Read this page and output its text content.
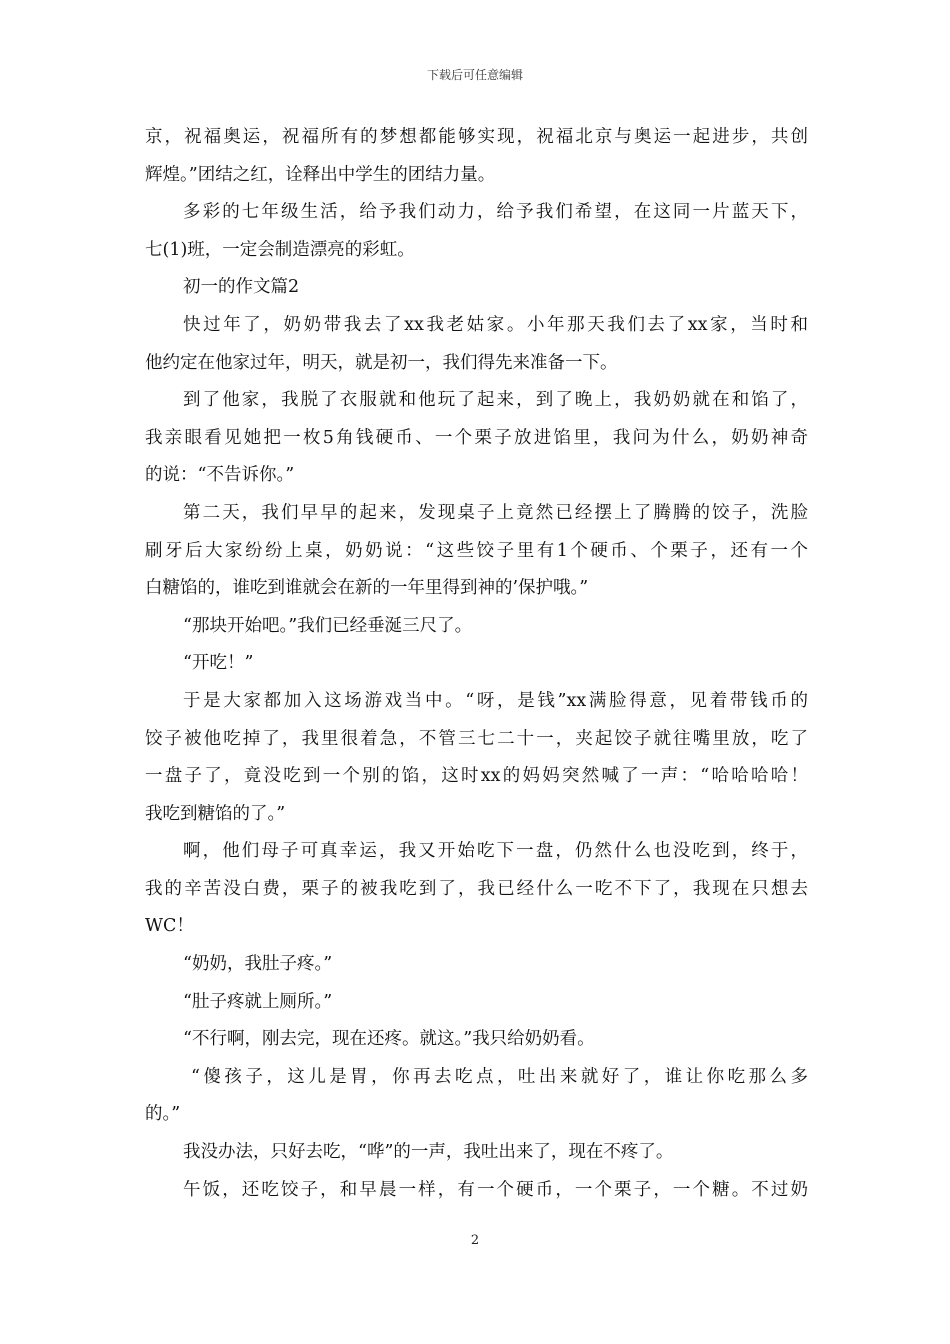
下载后可任意编辑
京，祝福奥运，祝福所有的梦想都能够实现，祝福北京与奥运一起进步，共创
辉煌。”团结之红，诠释出中学生的团结力量。
多彩的七年级生活，给予我们动力，给予我们希望，在这同一片蓝天下，
七(1)班，一定会制造漂亮的彩虹。
初一的作文篇2
快过年了，奶奶带我去了xx我老姑家。小年那天我们去了xx家，当时和
他约定在他家过年，明天，就是初一，我们得先来准备一下。
到了他家，我脱了衣服就和他玩了起来，到了晚上，我奶奶就在和馅了，
我亲眼看见她把一枚5角钱硬币、一个栗子放进馅里，我问为什么，奶奶神奇
的说：“不告诉你。”
第二天，我们早早的起来，发现桌子上竟然已经摆上了腾腾的饺子，洗脸
刷牙后大家纷纷上桌，奶奶说：“这些饺子里有1个硬币、个栗子，还有一个
白糖馅的，谁吃到谁就会在新的一年里得到神的’保护哦。”
“那块开始吧。”我们已经垂涎三尺了。
“开吃！”
于是大家都加入这场游戏当中。“呀，是钱”xx满脸得意，见着带钱币的
饺子被他吃掉了，我里很着急，不管三七二十一，夹起饺子就往嘴里放，吃了
一盘子了，竟没吃到一个别的馅，这时xx的妈妈突然喊了一声：“哈哈哈哈！
我吃到糖馅的了。”
啊，他们母子可真幸运，我又开始吃下一盘，仍然什么也没吃到，终于，
我的辛苦没白费，栗子的被我吃到了，我已经什么一吃不下了，我现在只想去
WC！
“奶奶，我肚子疼。”
“肚子疼就上厕所。”
“不行啊，刚去完，现在还疼。就这。”我只给奶奶看。
“傻孩子，这儿是胃，你再去吃点，吐出来就好了，谁让你吃那么多
的。”
我没办法，只好去吃，“哗”的一声，我吐出来了，现在不疼了。
午饭，还吃饺子，和早晨一样，有一个硬币，一个栗子，一个糖。不过奶
2
